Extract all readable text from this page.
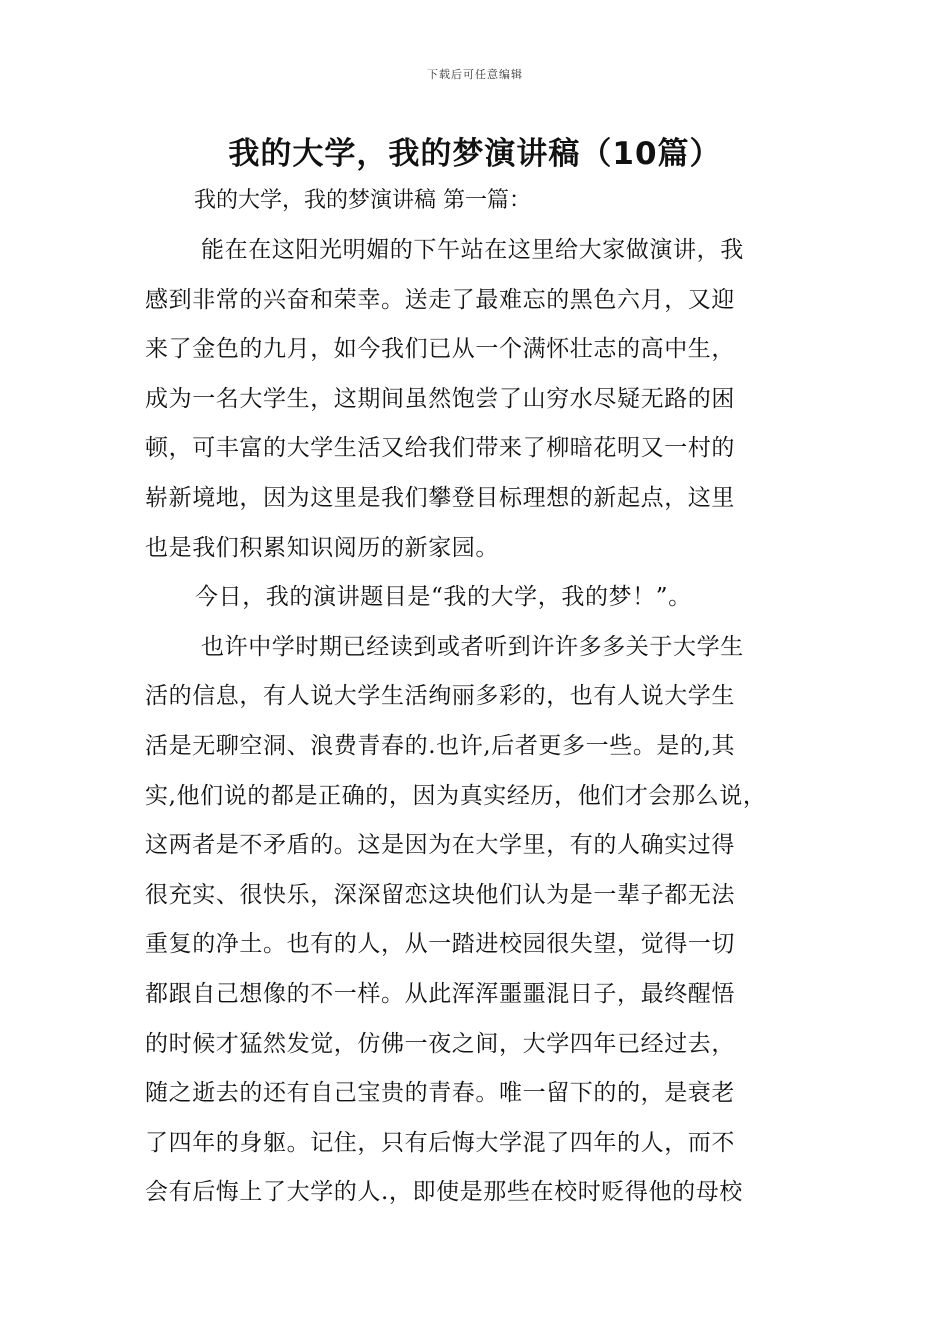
下载后可任意编辑
我的大学，我的梦演讲稿（10篇）
我的大学，我的梦演讲稿 第一篇：
能在在这阳光明媚的下午站在这里给大家做演讲，我
感到非常的兴奋和荣幸。送走了最难忘的黑色六月，又迎
来了金色的九月，如今我们已从一个满怀壮志的高中生，
成为一名大学生，这期间虽然饱尝了山穷水尽疑无路的困
顿，可丰富的大学生活又给我们带来了柳暗花明又一村的
崭新境地，因为这里是我们攀登目标理想的新起点，这里
也是我们积累知识阅历的新家园。
今日，我的演讲题目是“我的大学，我的梦！”。
也许中学时期已经读到或者听到许许多多关于大学生
活的信息，有人说大学生活绚丽多彩的，也有人说大学生
活是无聊空洞、浪费青春的.也许,后者更多一些。是的,其
实,他们说的都是正确的，因为真实经历，他们才会那么说，
这两者是不矛盾的。这是因为在大学里，有的人确实过得
很充实、很快乐，深深留恋这块他们认为是一辈子都无法
重复的净土。也有的人，从一踏进校园很失望，觉得一切
都跟自己想像的不一样。从此浑浑噩噩混日子，最终醒悟
的时候才猛然发觉，仿佛一夜之间，大学四年已经过去，
随之逝去的还有自己宝贵的青春。唯一留下的的，是衰老
了四年的身躯。记住，只有后悔大学混了四年的人，而不
会有后悔上了大学的人.，即使是那些在校时贬得他的母校
